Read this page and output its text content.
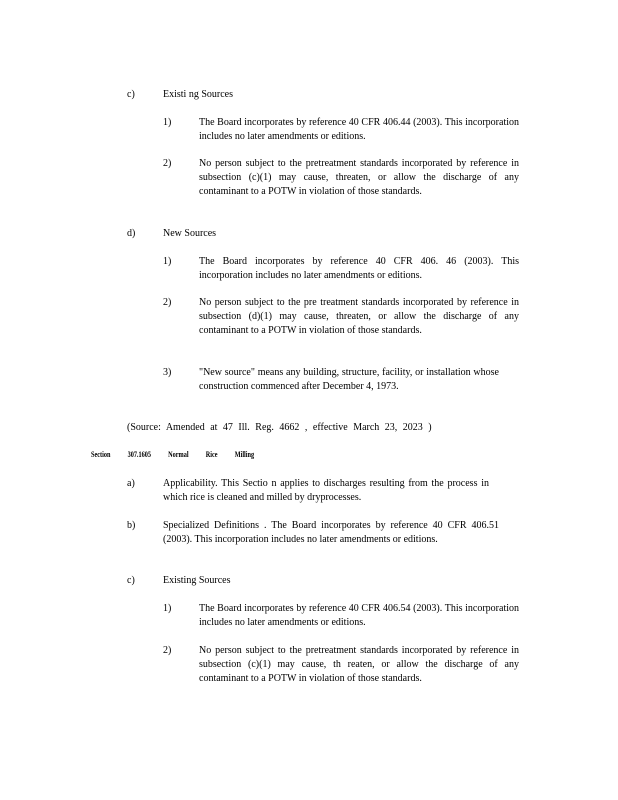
c)	Existi ng Sources
1)	The Board incorporates by reference 40 CFR 406.44 (2003). This incorporation includes no later amendments or editions.
2)	No person subject to the pretreatment standards incorporated by reference in subsection (c)(1) may cause, threaten, or allow the discharge of any contaminant to a POTW in violation of those standards.
d)	New Sources
1)	The Board incorporates by reference 40 CFR 406. 46 (2003). This incorporation includes no later amendments or editions.
2)	No person subject to the pre treatment standards incorporated by reference in subsection (d)(1) may cause, threaten, or allow the discharge of any contaminant to a POTW in violation of those standards.
3)	"New source" means any building, structure, facility, or installation whose construction commenced after December 4, 1973.
(Source: Amended at 47 Ill. Reg. 4662 , effective March 23, 2023 )
Section 307.1605 Normal Rice Milling
a)	Applicability. This Sectio n applies to discharges resulting from the process in which rice is cleaned and milled by dryprocesses.
b)	Specialized Definitions . The Board incorporates by reference 40 CFR 406.51 (2003). This incorporation includes no later amendments or editions.
c)	Existing Sources
1)	The Board incorporates by reference 40 CFR 406.54 (2003). This incorporation includes no later amendments or editions.
2)	No person subject to the pretreatment standards incorporated by reference in subsection (c)(1) may cause, th reaten, or allow the discharge of any contaminant to a POTW in violation of those standards.
